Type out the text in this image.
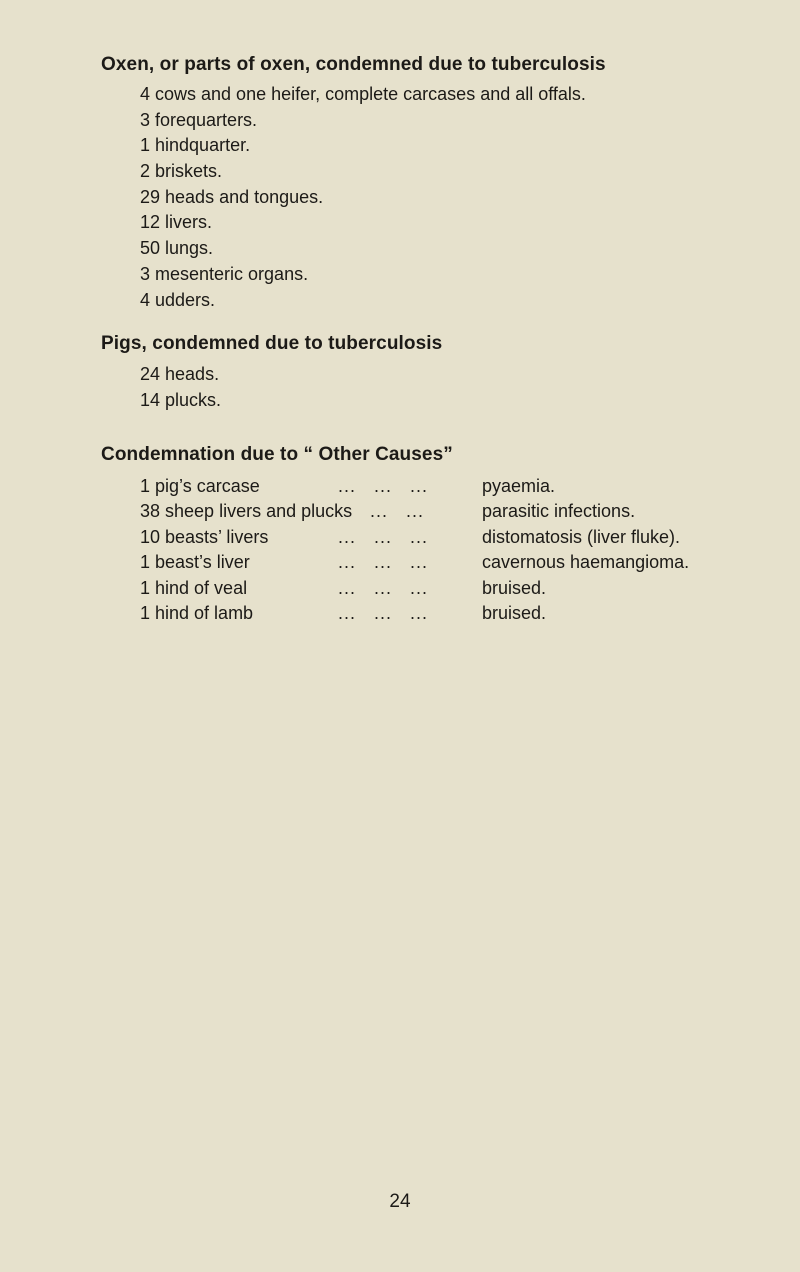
Oxen, or parts of oxen, condemned due to tuberculosis
4 cows and one heifer, complete carcases and all offals.
3 forequarters.
1 hindquarter.
2 briskets.
29 heads and tongues.
12 livers.
50 lungs.
3 mesenteric organs.
4 udders.
Pigs, condemned due to tuberculosis
24 heads.
14 plucks.
Condemnation due to “ Other Causes”
1 pig’s carcase	...   ...   ...	pyaemia.
38 sheep livers and plucks ...   ...	parasitic infections.
10 beasts’ livers	...   ...   ...	distomatosis (liver fluke).
1 beast’s liver	...   ...   ...	cavernous haemangioma.
1 hind of veal	...   ...   ...	bruised.
1 hind of lamb	...   ...   ...	bruised.
24
